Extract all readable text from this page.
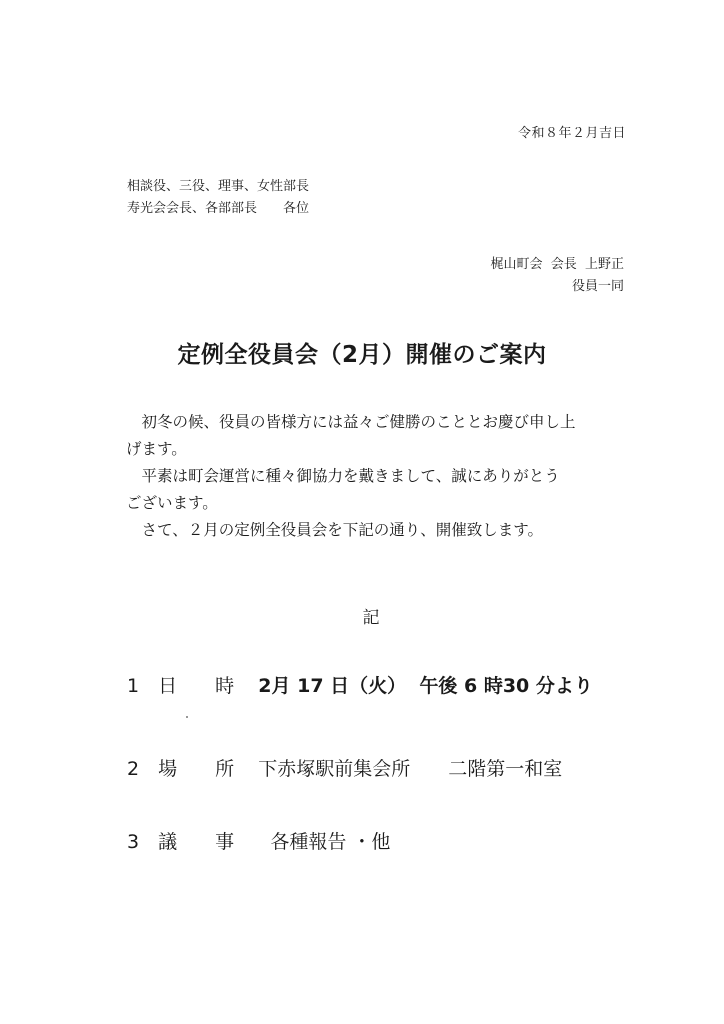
令和８年２月吉日
相談役、三役、理事、女性部長
寿光会会長、各部部長　　各位
梶山町会  会長  上野正
役員一同
定例全役員会（2月）開催のご案内

　初冬の候、役員の皆様方には益々ご健勝のこととお慶び申し上

げます。

　平素は町会運営に種々御協力を戴きまして、誠にありがとう

ございます。

　さて、２月の定例全役員会を下記の通り、開催致します。

記
1　日　　時 2月 17 日（火）  午後 6 時30 分より
2　場　　所 下赤塚駅前集会所　　二階第一和室
3　議　　事 各種報告 ・他
